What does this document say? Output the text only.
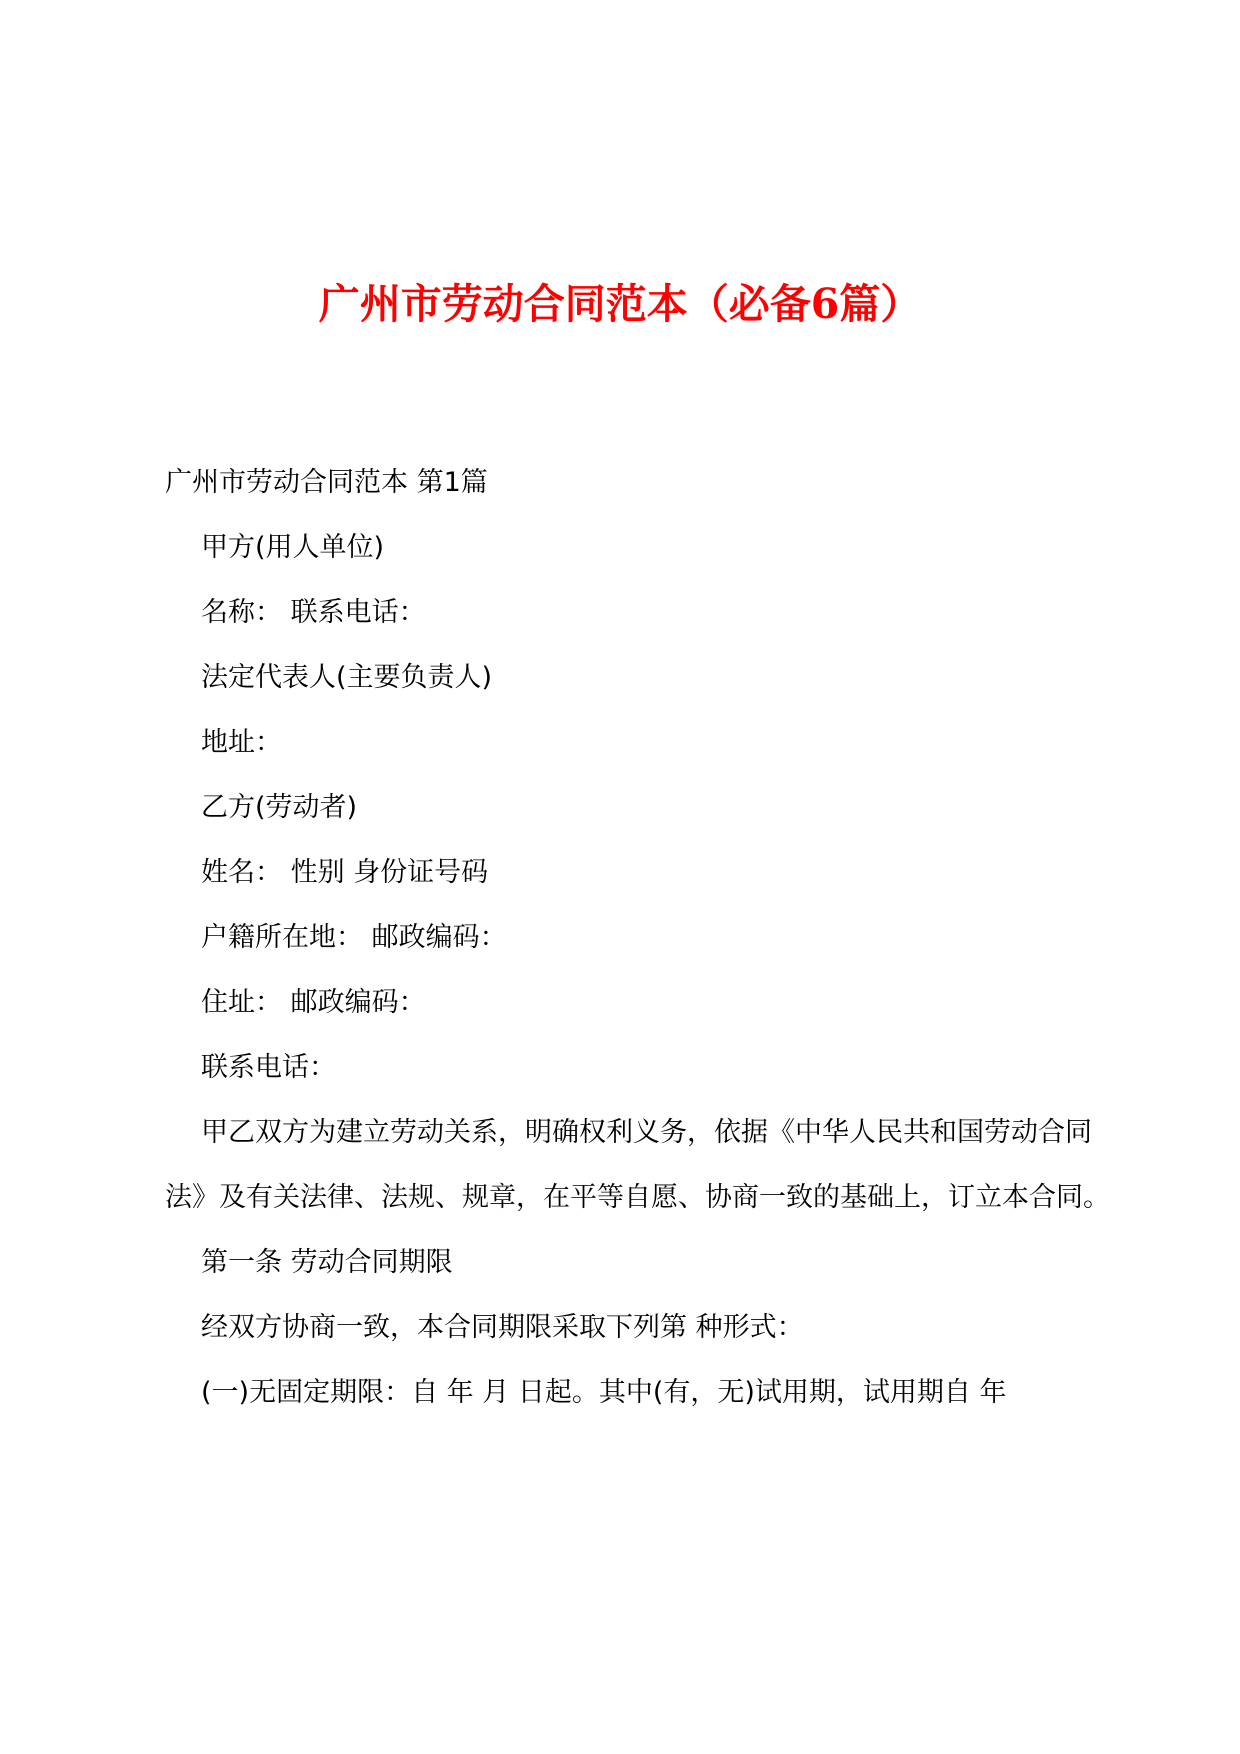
广州市劳动合同范本（必备6篇）

广州市劳动合同范本 第1篇

甲方(用人单位)

名称： 联系电话：

法定代表人(主要负责人)

地址：

乙方(劳动者)

姓名： 性别 身份证号码

户籍所在地： 邮政编码：

住址： 邮政编码：

联系电话：

甲乙双方为建立劳动关系，明确权利义务，依据《中华人民共和国劳动合同法》及有关法律、法规、规章，在平等自愿、协商一致的基础上，订立本合同。

第一条 劳动合同期限

经双方协商一致，本合同期限采取下列第 种形式：

(一)无固定期限：自 年 月 日起。其中(有，无)试用期，试用期自 年
